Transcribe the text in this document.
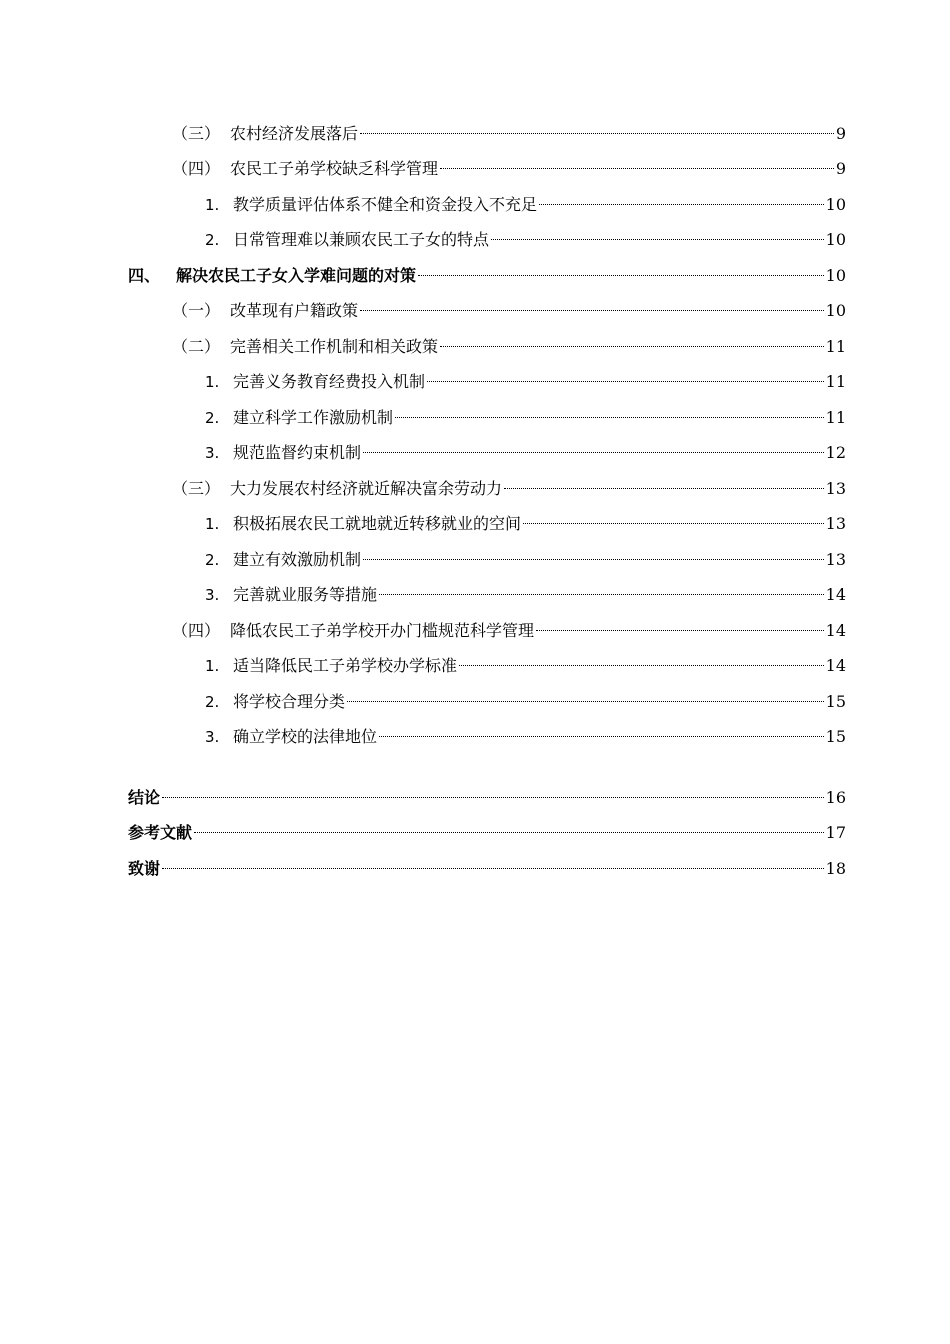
（三） 农村经济发展落后	9
（四） 农民工子弟学校缺乏科学管理	9
1. 教学质量评估体系不健全和资金投入不充足	10
2. 日常管理难以兼顾农民工子女的特点	10
四、 解决农民工子女入学难问题的对策	10
（一） 改革现有户籍政策	10
（二） 完善相关工作机制和相关政策	11
1. 完善义务教育经费投入机制	11
2. 建立科学工作激励机制	11
3. 规范监督约束机制	12
（三） 大力发展农村经济就近解决富余劳动力	13
1. 积极拓展农民工就地就近转移就业的空间	13
2. 建立有效激励机制	13
3. 完善就业服务等措施	14
（四） 降低农民工子弟学校开办门槛规范科学管理	14
1. 适当降低民工子弟学校办学标准	14
2. 将学校合理分类	15
3. 确立学校的法律地位	15
结论	16
参考文献	17
致谢	18
